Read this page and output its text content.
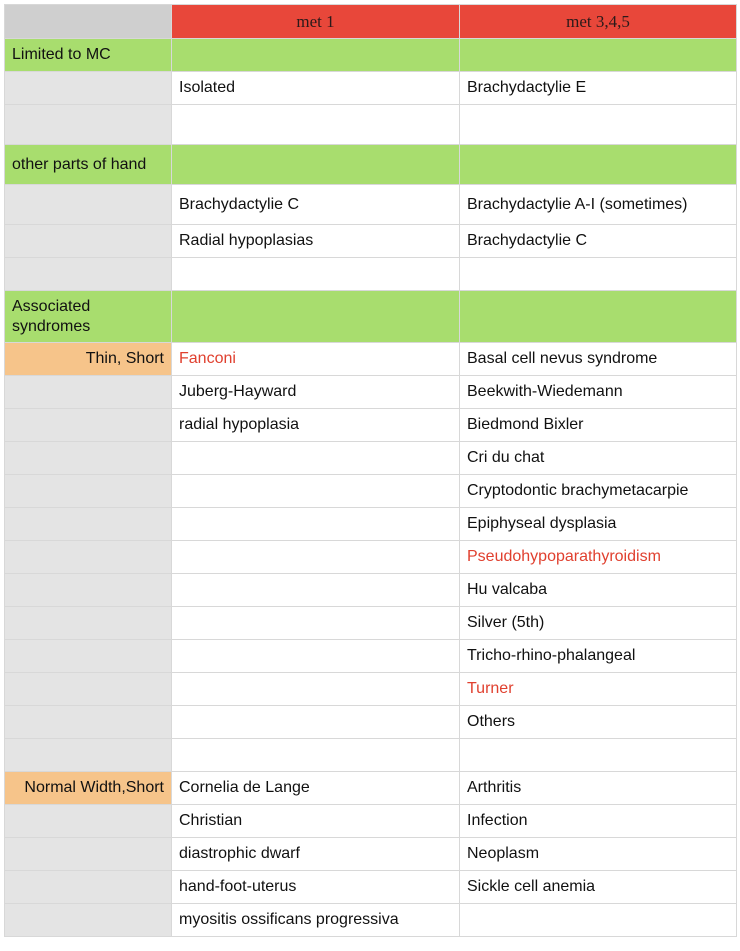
	met 1	met 3,4,5
Limited to MC		
	Isolated	Brachydactylie E

other parts of hand		
	Brachydactylie C	Brachydactylie A-I (sometimes)
	Radial hypoplasias	Brachydactylie C

Associated syndromes		
Thin, Short	Fanconi	Basal cell nevus syndrome
	Juberg-Hayward	Beekwith-Wiedemann
	radial hypoplasia	Biedmond Bixler
		Cri du chat
		Cryptodontic brachymetacarpie
		Epiphyseal dysplasia
		Pseudohypoparathyroidism
		Hu valcaba
		Silver (5th)
		Tricho-rhino-phalangeal
		Turner
		Others

Normal Width,Short	Cornelia de Lange	Arthritis
	Christian	Infection
	diastrophic dwarf	Neoplasm
	hand-foot-uterus	Sickle cell anemia
	myositis ossificans progressiva	
